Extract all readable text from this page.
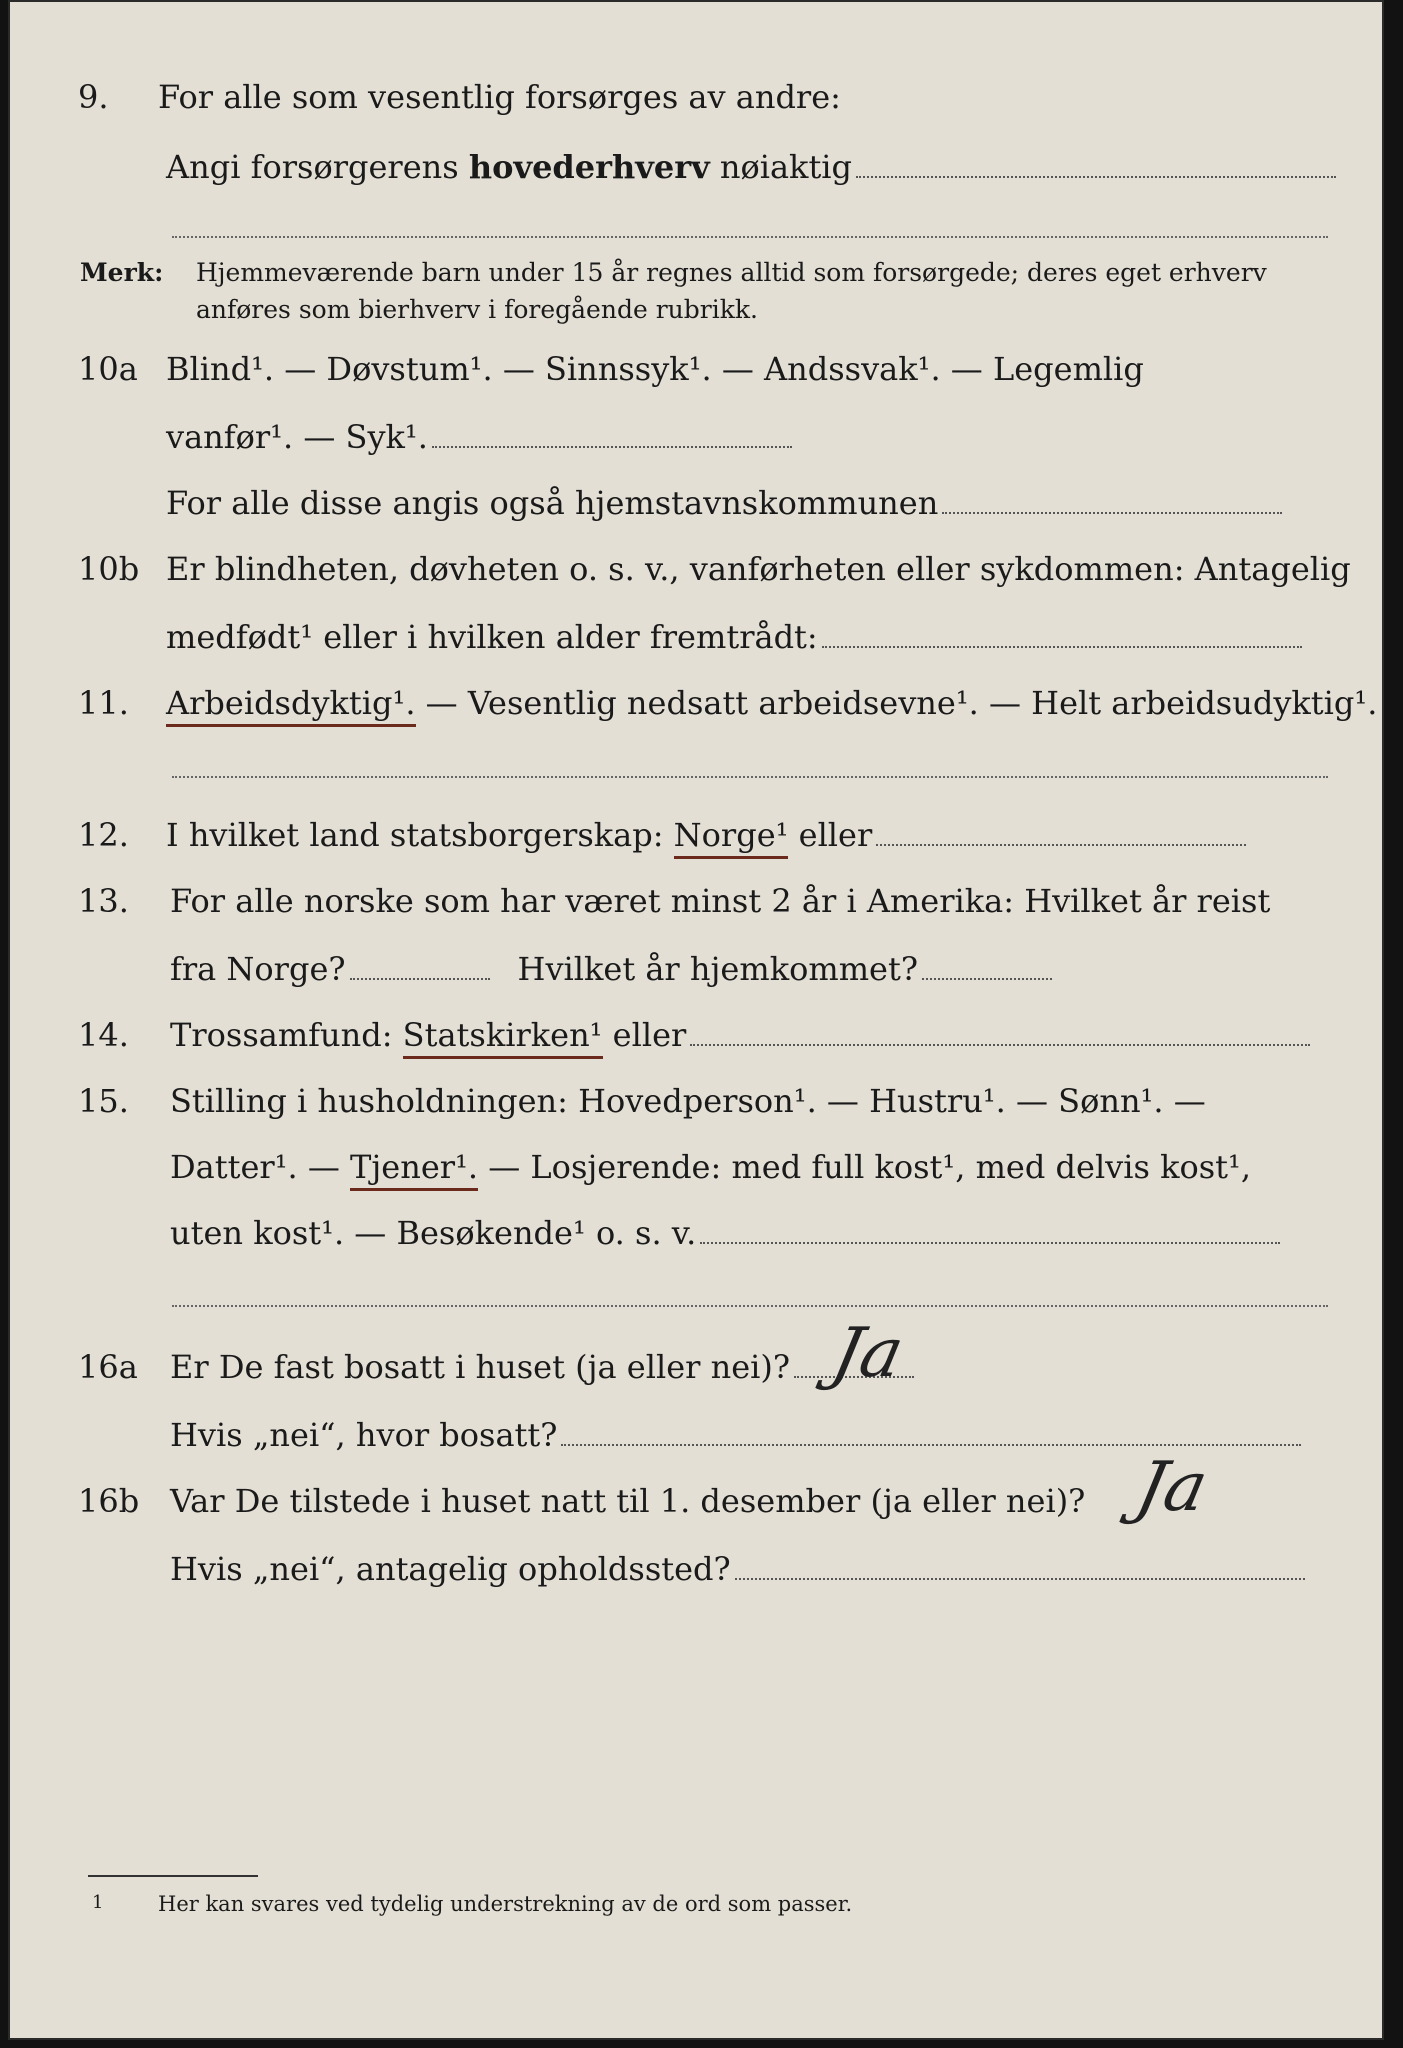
9. For alle som vesentlig forsørges av andre:
Angi forsørgerens hovederhverv nøiaktig
Merk: Hjemmeværende barn under 15 år regnes alltid som forsørgede; deres eget erhverv
anføres som bierhverv i foregående rubrikk.
10a Blind¹. — Døvstum¹. — Sinnssyk¹. — Andssvak¹. — Legemlig
vanfør¹. — Syk¹.
For alle disse angis også hjemstavnskommunen
10b Er blindheten, døvheten o. s. v., vanførheten eller sykdommen: Antagelig
medfødt¹ eller i hvilken alder fremtrådt:
11. Arbeidsdyktig¹. — Vesentlig nedsatt arbeidsevne¹. — Helt arbeidsudyktig¹.
12. I hvilket land statsborgerskap: Norge¹ eller
13. For alle norske som har været minst 2 år i Amerika: Hvilket år reist
fra Norge?	Hvilket år hjemkommet?
14. Trossamfund: Statskirken¹ eller
15. Stilling i husholdningen: Hovedperson¹. — Hustru¹. — Sønn¹. —
Datter¹. — Tjener¹. — Losjerende: med full kost¹, med delvis kost¹,
uten kost¹. — Besøkende¹ o. s. v.
16a Er De fast bosatt i huset (ja eller nei)? Ja
Hvis „nei“, hvor bosatt?
16b Var De tilstede i huset natt til 1. desember (ja eller nei)? Ja
Hvis „nei“, antagelig opholdssted?
1	Her kan svares ved tydelig understrekning av de ord som passer.
